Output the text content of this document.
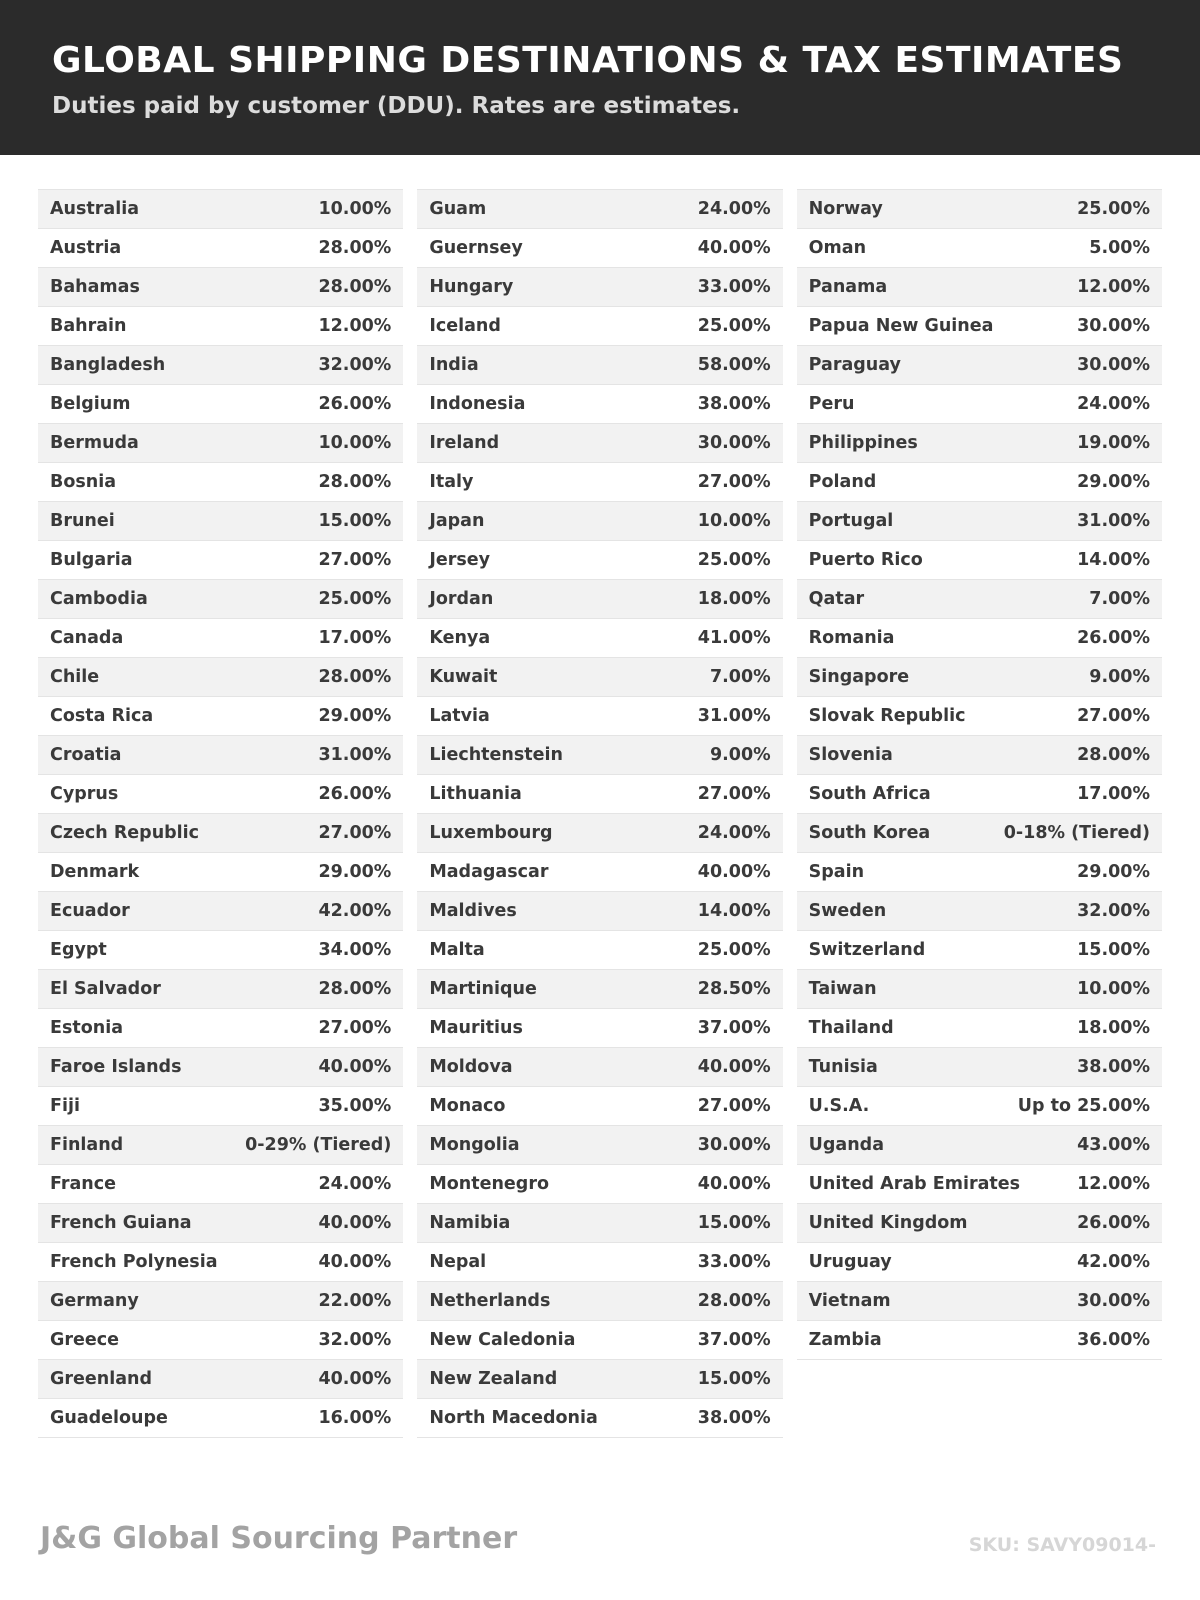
GLOBAL SHIPPING DESTINATIONS & TAX ESTIMATES
Duties paid by customer (DDU). Rates are estimates.
Australia	10.00%
Austria	28.00%
Bahamas	28.00%
Bahrain	12.00%
Bangladesh	32.00%
Belgium	26.00%
Bermuda	10.00%
Bosnia	28.00%
Brunei	15.00%
Bulgaria	27.00%
Cambodia	25.00%
Canada	17.00%
Chile	28.00%
Costa Rica	29.00%
Croatia	31.00%
Cyprus	26.00%
Czech Republic	27.00%
Denmark	29.00%
Ecuador	42.00%
Egypt	34.00%
El Salvador	28.00%
Estonia	27.00%
Faroe Islands	40.00%
Fiji	35.00%
Finland	0-29% (Tiered)
France	24.00%
French Guiana	40.00%
French Polynesia	40.00%
Germany	22.00%
Greece	32.00%
Greenland	40.00%
Guadeloupe	16.00%
Guam	24.00%
Guernsey	40.00%
Hungary	33.00%
Iceland	25.00%
India	58.00%
Indonesia	38.00%
Ireland	30.00%
Italy	27.00%
Japan	10.00%
Jersey	25.00%
Jordan	18.00%
Kenya	41.00%
Kuwait	7.00%
Latvia	31.00%
Liechtenstein	9.00%
Lithuania	27.00%
Luxembourg	24.00%
Madagascar	40.00%
Maldives	14.00%
Malta	25.00%
Martinique	28.50%
Mauritius	37.00%
Moldova	40.00%
Monaco	27.00%
Mongolia	30.00%
Montenegro	40.00%
Namibia	15.00%
Nepal	33.00%
Netherlands	28.00%
New Caledonia	37.00%
New Zealand	15.00%
North Macedonia	38.00%
Norway	25.00%
Oman	5.00%
Panama	12.00%
Papua New Guinea	30.00%
Paraguay	30.00%
Peru	24.00%
Philippines	19.00%
Poland	29.00%
Portugal	31.00%
Puerto Rico	14.00%
Qatar	7.00%
Romania	26.00%
Singapore	9.00%
Slovak Republic	27.00%
Slovenia	28.00%
South Africa	17.00%
South Korea	0-18% (Tiered)
Spain	29.00%
Sweden	32.00%
Switzerland	15.00%
Taiwan	10.00%
Thailand	18.00%
Tunisia	38.00%
U.S.A.	Up to 25.00%
Uganda	43.00%
United Arab Emirates	12.00%
United Kingdom	26.00%
Uruguay	42.00%
Vietnam	30.00%
Zambia	36.00%
J&G Global Sourcing Partner	SKU: SAVY09014-
